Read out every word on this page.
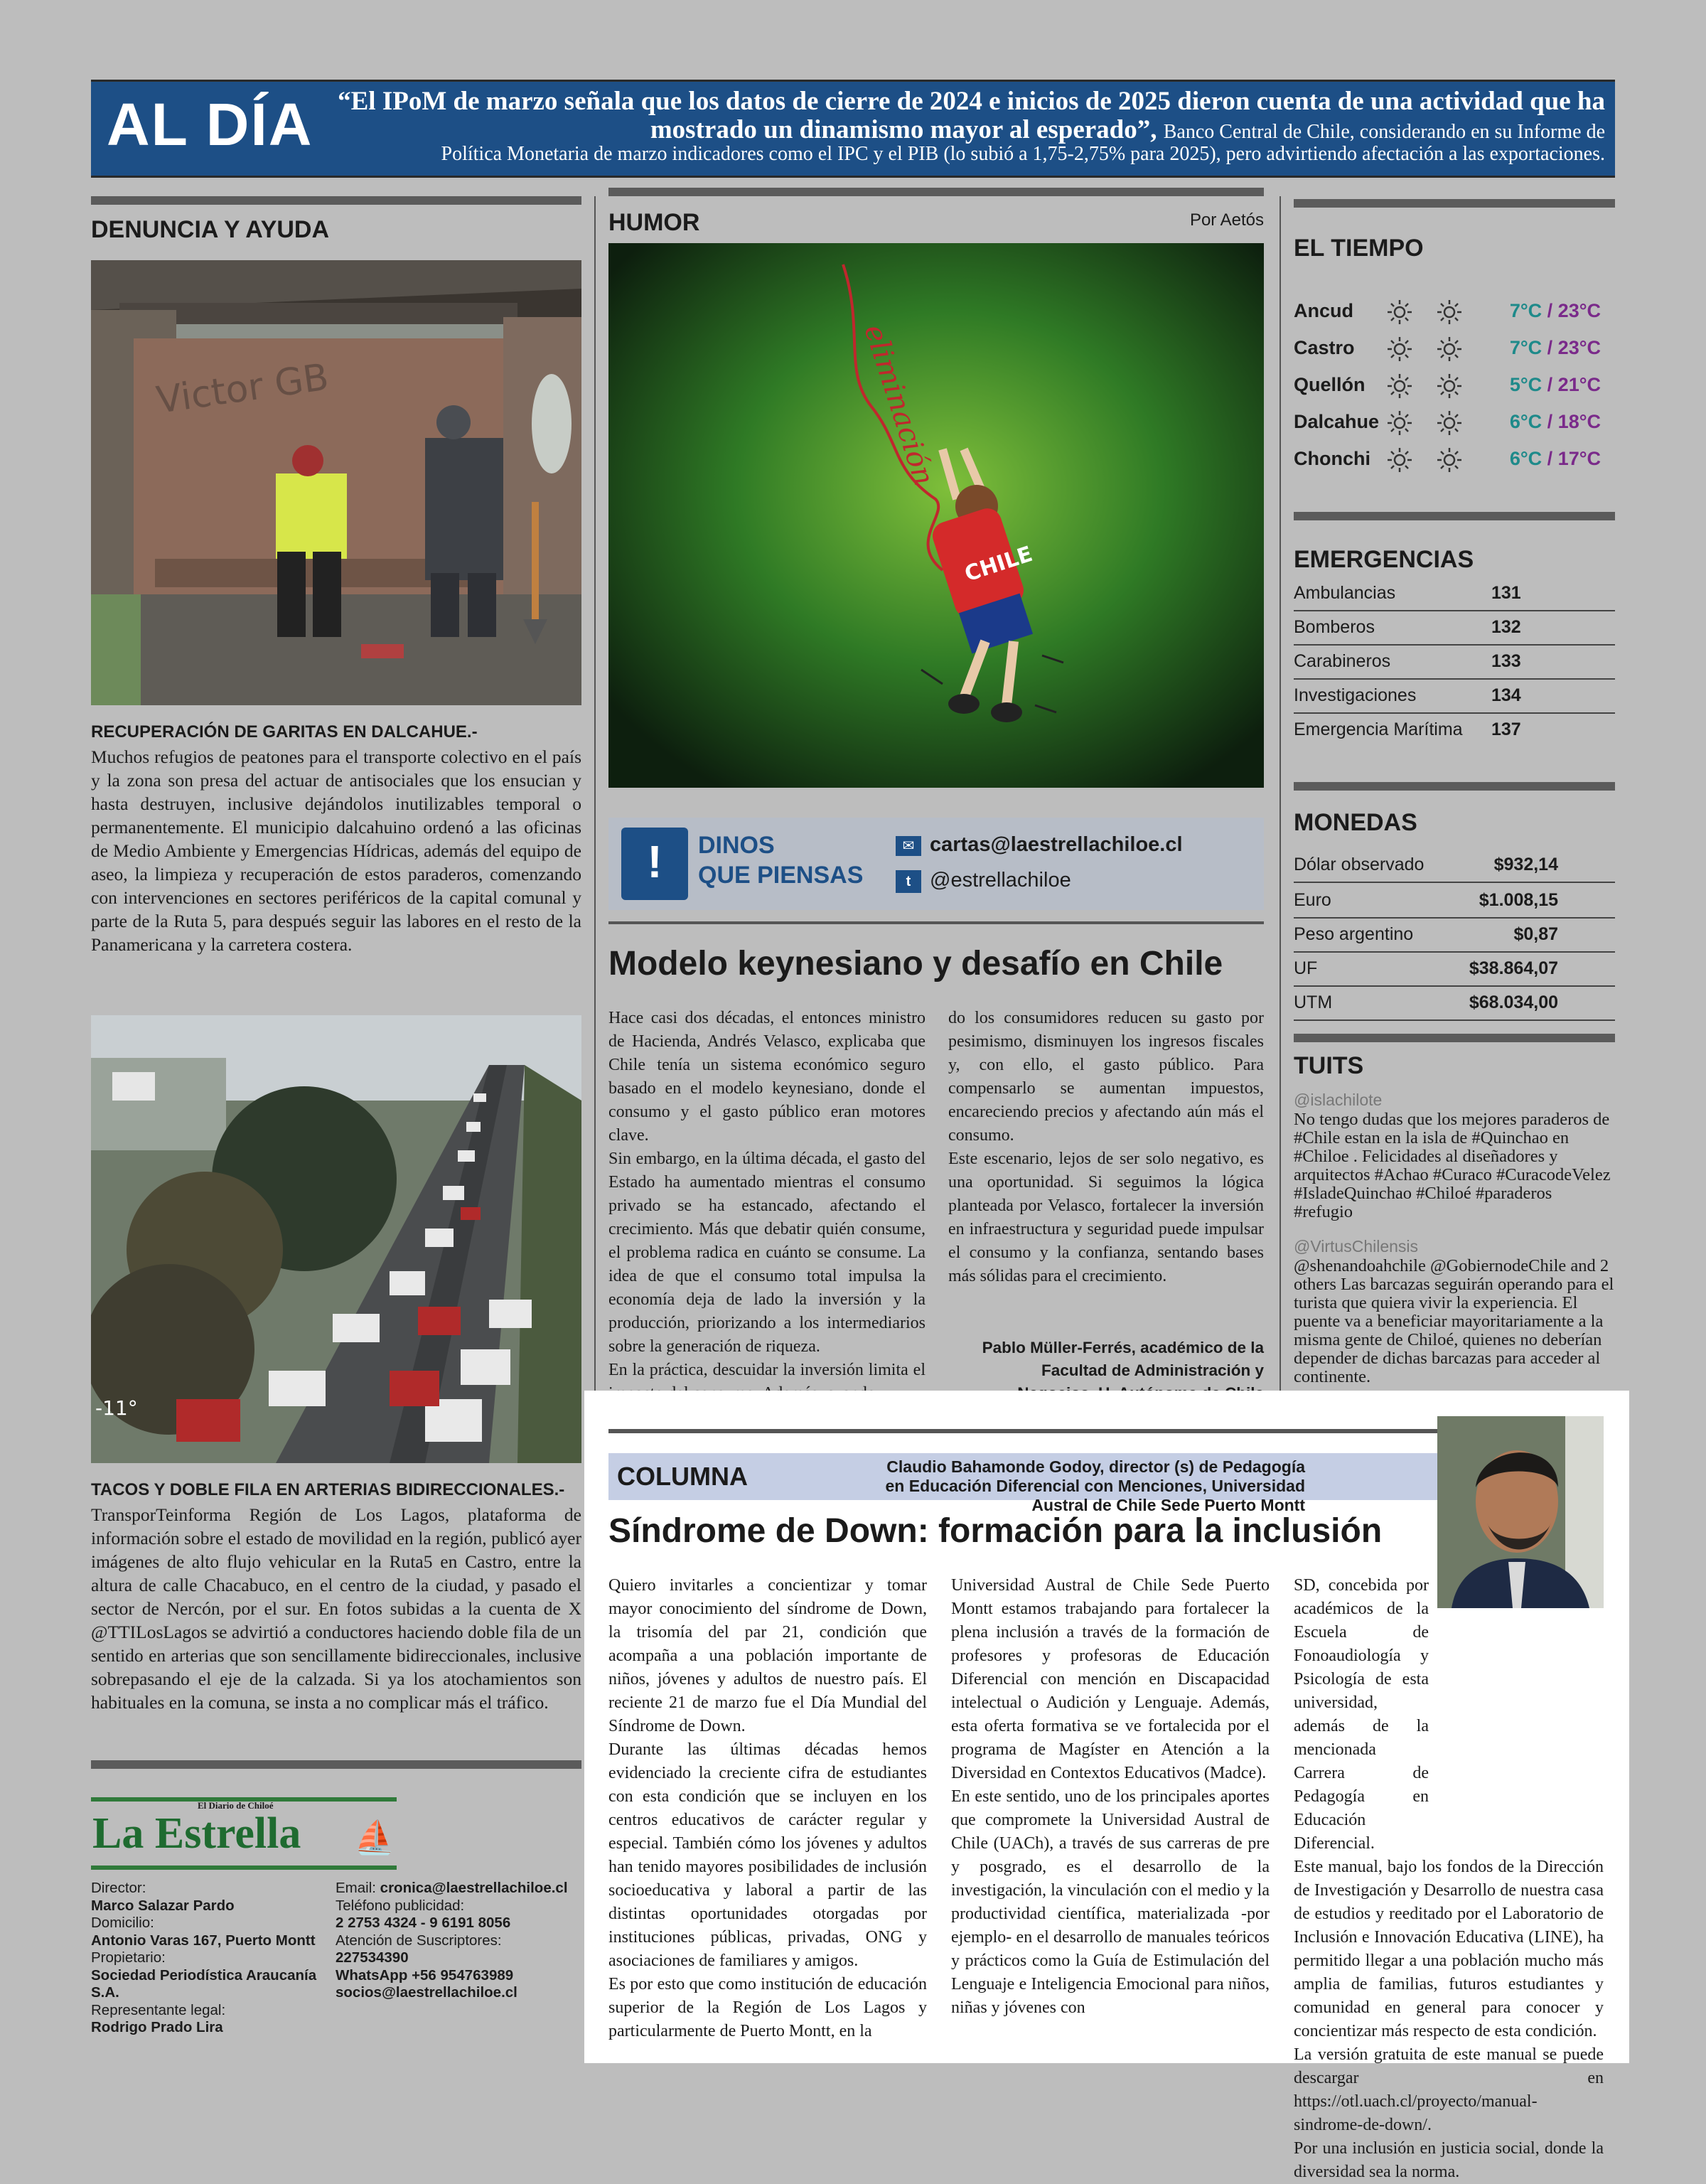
AL DÍA “El IPoM de marzo señala que los datos de cierre de 2024 e inicios de 2025 dieron cuenta de una actividad que ha mostrado un dinamismo mayor al esperado”, Banco Central de Chile, considerando en su Informe de
Política Monetaria de marzo indicadores como el IPC y el PIB (lo subió a 1,75-2,75% para 2025), pero advirtiendo afectación a las exportaciones.
DENUNCIA Y AYUDA
Victor GB
RECUPERACIÓN DE GARITAS EN DALCAHUE.-
Muchos refugios de peatones para el transporte colectivo en el país y la zona son presa del actuar de antisociales que los ensucian y hasta destruyen, inclusive dejándolos inutilizables temporal o permanentemente. El municipio dalcahuino ordenó a las oficinas de Medio Ambiente y Emergencias Hídricas, además del equipo de aseo, la limpieza y recuperación de estos paraderos, comenzando con intervenciones en sectores periféricos de la capital comunal y parte de la Ruta 5, para después seguir las labores en el resto de la Panamericana y la carretera costera.
-11°
TACOS Y DOBLE FILA EN ARTERIAS BIDIRECCIONALES.-
TransporTeinforma Región de Los Lagos, plataforma de información sobre el estado de movilidad en la región, publicó ayer imágenes de alto flujo vehicular en la Ruta5 en Castro, entre la altura de calle Chacabuco, en el centro de la ciudad, y pasado el sector de Nercón, por el sur. En fotos subidas a la cuenta de X @TTILosLagos se advirtió a conductores haciendo doble fila de un sentido en arterias que son sencillamente bidireccionales, inclusive sobrepasando el eje de la calzada. Si ya los atochamientos son habituales en la comuna, se insta a no complicar más el tráfico.
El Diario de Chiloé
La Estrella ⛵
Director:
Marco Salazar Pardo
Domicilio:
Antonio Varas 167, Puerto Montt
Propietario:
Sociedad Periodística Araucanía S.A.
Representante legal:
Rodrigo Prado Lira
Email: cronica@laestrellachiloe.cl
Teléfono publicidad:
2 2753 4324 - 9 6191 8056
Atención de Suscriptores:
227534390
WhatsApp +56 954763989
socios@laestrellachiloe.cl
HUMOR	Por Aetós
eliminación
CHILE
!	DINOS
QUE PIENSAS
✉ cartas@laestrellachiloe.cl
t @estrellachiloe
Modelo keynesiano y desafío en Chile
Hace casi dos décadas, el entonces ministro de Hacienda, Andrés Velasco, explicaba que Chile tenía un sistema económico seguro basado en el modelo keynesiano, donde el consumo y el gasto público eran motores clave.
Sin embargo, en la última década, el gasto del Estado ha aumentado mientras el consumo privado se ha estancado, afectando el crecimiento. Más que debatir quién consume, el problema radica en cuánto se consume. La idea de que el consumo total impulsa la economía deja de lado la inversión y la producción, priorizando a los intermediarios sobre la generación de riqueza.
En la práctica, descuidar la inversión limita el
do los consumidores reducen su gasto por pesimismo, disminuyen los ingresos fiscales y, con ello, el gasto público. Para compensarlo se aumentan impuestos, encareciendo precios y afectando aún más el consumo.
Este escenario, lejos de ser solo negativo, es una oportunidad. Si seguimos la lógica planteada por Velasco, fortalecer la inversión en infraestructura y seguridad puede impulsar el consumo y la confianza, sentando bases más sólidas para el crecimiento.
Pablo Müller-Ferrés, académico de la Facultad de Administración y
EL TIEMPO
Ancud	7°C / 23°C
Castro	7°C / 23°C
Quellón	5°C / 21°C
Dalcahue	6°C / 18°C
Chonchi	6°C / 17°C
EMERGENCIAS
Ambulancias	131
Bomberos	132
Carabineros	133
Investigaciones	134
Emergencia Marítima 137
MONEDAS
Dólar observado	$932,14
Euro	$1.008,15
Peso argentino	$0,87
UF	$38.864,07
UTM	$68.034,00
TUITS
@islachilote
No tengo dudas que los mejores paraderos de #Chile estan en la isla de #Quinchao en #Chiloe . Felicidades al diseñadores y arquitectos #Achao #Curaco #CuracodeVelez #IsladeQuinchao #Chiloé #paraderos #refugio
@VirtusChilensis
@shenandoahchile @GobiernodeChile and 2 others Las barcazas seguirán operando para el turista que quiera vivir la experiencia. El puente va a beneficiar mayoritariamente a la misma gente de Chiloé, quienes no deberían depender de dichas barcazas para acceder al continente.
COLUMNA	Claudio Bahamonde Godoy, director (s) de Pedagogía en Educación Diferencial con Menciones, Universidad Austral de Chile Sede Puerto Montt
Síndrome de Down: formación para la inclusión
Quiero invitarles a concientizar y tomar mayor conocimiento del síndrome de Down, la trisomía del par 21, condición que acompaña a una población importante de niños, jóvenes y adultos de nuestro país. El reciente 21 de marzo fue el Día Mundial del Síndrome de Down.
Durante las últimas décadas hemos evidenciado la creciente cifra de estudiantes con esta condición que se incluyen en los centros educativos de carácter regular y especial. También cómo los jóvenes y adultos han tenido mayores posibilidades de inclusión socioeducativa y laboral a partir de las distintas oportunidades otorgadas por instituciones públicas, privadas, ONG y asociaciones de familiares y amigos.
Es por esto que como institución de educación superior de la Región de Los Lagos y particularmente de Puerto Montt, en la
Universidad Austral de Chile Sede Puerto Montt estamos trabajando para fortalecer la plena inclusión a través de la formación de profesores y profesoras de Educación Diferencial con mención en Discapacidad intelectual o Audición y Lenguaje. Además, esta oferta formativa se ve fortalecida por el programa de Magíster en Atención a la Diversidad en Contextos Educativos (Madce).
En este sentido, uno de los principales aportes que compromete la Universidad Austral de Chile (UACh), a través de sus carreras de pre y posgrado, es el desarrollo de la investigación, la vinculación con el medio y la productividad científica, materializada -por ejemplo- en el desarrollo de manuales teóricos y prácticos como la Guía de Estimulación del Lenguaje e Inteligencia Emocional para niños, niñas y jóvenes con
SD, concebida por académicos de la Escuela de Fonoaudiología y Psicología de esta universidad, además de la mencionada Carrera de Pedagogía en Educación Diferencial.
Este manual, bajo los fondos de la Dirección de Investigación y Desarrollo de nuestra casa de estudios y reeditado por el Laboratorio de Inclusión e Innovación Educativa (LINE), ha permitido llegar a una población mucho más amplia de familias, futuros estudiantes y comunidad en general para conocer y concientizar más respecto de esta condición.
La versión gratuita de este manual se puede descargar en https://otl.uach.cl/proyecto/manual-sindrome-de-down/.
Por una inclusión en justicia social, donde la diversidad sea la norma.
